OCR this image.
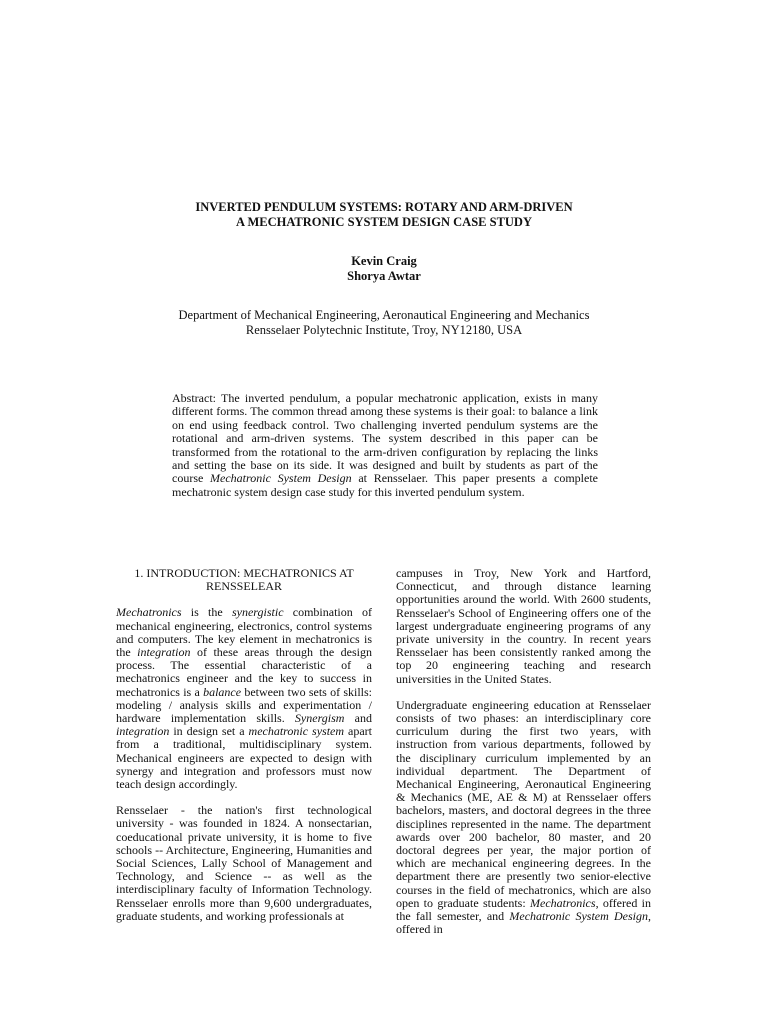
INVERTED PENDULUM SYSTEMS: ROTARY AND ARM-DRIVEN
A MECHATRONIC SYSTEM DESIGN CASE STUDY
Kevin Craig
Shorya Awtar
Department of Mechanical Engineering, Aeronautical Engineering and Mechanics
Rensselaer Polytechnic Institute, Troy, NY12180, USA
Abstract: The inverted pendulum, a popular mechatronic application, exists in many different forms. The common thread among these systems is their goal: to balance a link on end using feedback control. Two challenging inverted pendulum systems are the rotational and arm-driven systems. The system described in this paper can be transformed from the rotational to the arm-driven configuration by replacing the links and setting the base on its side. It was designed and built by students as part of the course Mechatronic System Design at Rensselaer. This paper presents a complete mechatronic system design case study for this inverted pendulum system.
1. INTRODUCTION: MECHATRONICS AT RENSSELEAR

Mechatronics is the synergistic combination of mechanical engineering, electronics, control systems and computers. The key element in mechatronics is the integration of these areas through the design process. The essential characteristic of a mechatronics engineer and the key to success in mechatronics is a balance between two sets of skills: modeling / analysis skills and experimentation / hardware implementation skills. Synergism and integration in design set a mechatronic system apart from a traditional, multidisciplinary system. Mechanical engineers are expected to design with synergy and integration and professors must now teach design accordingly.

Rensselaer - the nation's first technological university - was founded in 1824. A nonsectarian, coeducational private university, it is home to five schools -- Architecture, Engineering, Humanities and Social Sciences, Lally School of Management and Technology, and Science -- as well as the interdisciplinary faculty of Information Technology. Rensselaer enrolls more than 9,600 undergraduates, graduate students, and working professionals at

campuses in Troy, New York and Hartford, Connecticut, and through distance learning opportunities around the world. With 2600 students, Rensselaer's School of Engineering offers one of the largest undergraduate engineering programs of any private university in the country. In recent years Rensselaer has been consistently ranked among the top 20 engineering teaching and research universities in the United States.

Undergraduate engineering education at Rensselaer consists of two phases: an interdisciplinary core curriculum during the first two years, with instruction from various departments, followed by the disciplinary curriculum implemented by an individual department. The Department of Mechanical Engineering, Aeronautical Engineering & Mechanics (ME, AE & M) at Rensselaer offers bachelors, masters, and doctoral degrees in the three disciplines represented in the name. The department awards over 200 bachelor, 80 master, and 20 doctoral degrees per year, the major portion of which are mechanical engineering degrees. In the department there are presently two senior-elective courses in the field of mechatronics, which are also open to graduate students: Mechatronics, offered in the fall semester, and Mechatronic System Design, offered in
